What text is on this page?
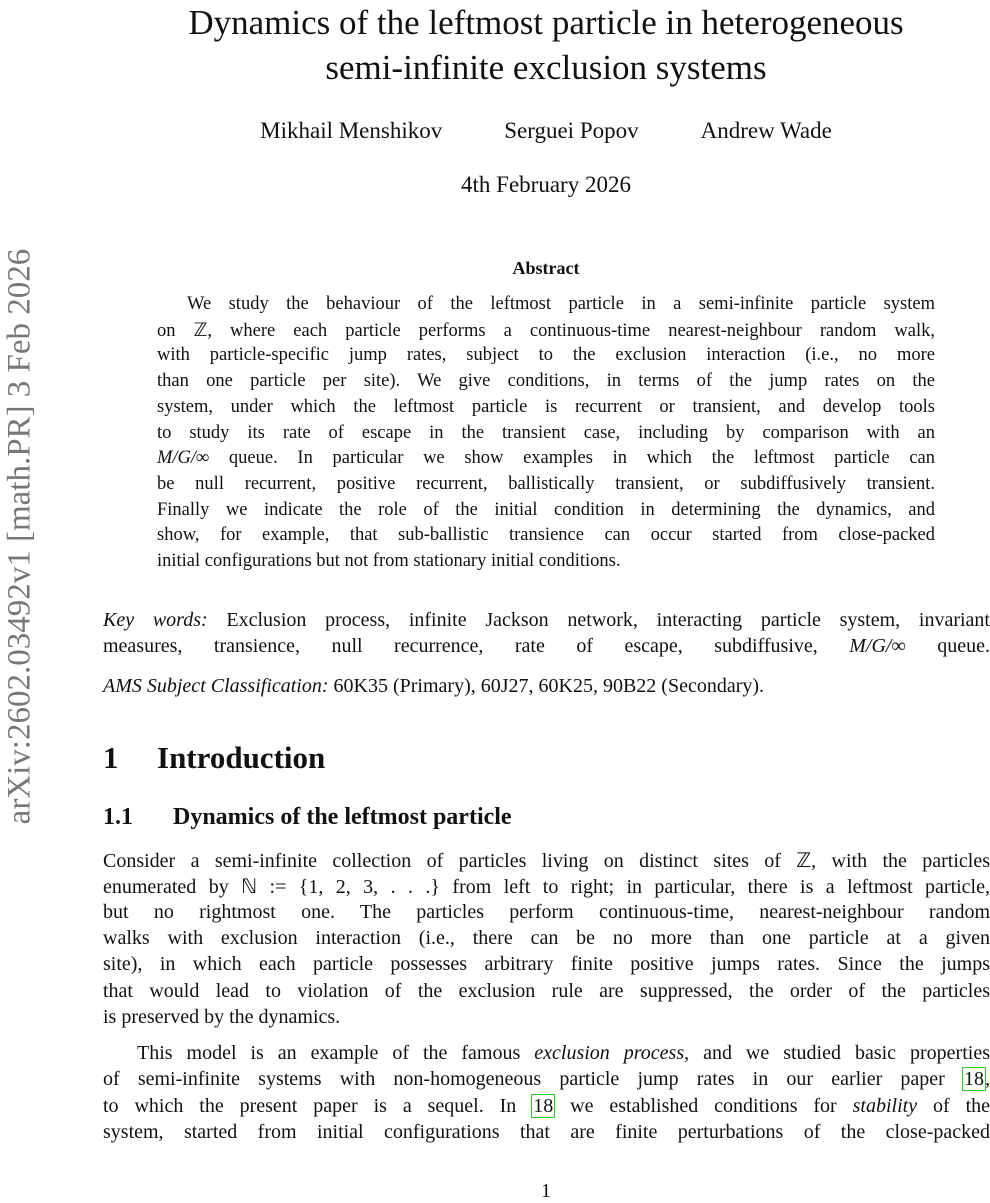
arXiv:2602.03492v1 [math.PR] 3 Feb 2026
Dynamics of the leftmost particle in heterogeneous
semi-infinite exclusion systems
Mikhail Menshikov	Serguei Popov	Andrew Wade
4th February 2026
Abstract
We study the behaviour of the leftmost particle in a semi-infinite particle system
on ℤ, where each particle performs a continuous-time nearest-neighbour random walk,
with particle-specific jump rates, subject to the exclusion interaction (i.e., no more
than one particle per site). We give conditions, in terms of the jump rates on the
system, under which the leftmost particle is recurrent or transient, and develop tools
to study its rate of escape in the transient case, including by comparison with an
M/G/∞ queue. In particular we show examples in which the leftmost particle can
be null recurrent, positive recurrent, ballistically transient, or subdiffusively transient.
Finally we indicate the role of the initial condition in determining the dynamics, and
show, for example, that sub-ballistic transience can occur started from close-packed
initial configurations but not from stationary initial conditions.
Key words: Exclusion process, infinite Jackson network, interacting particle system, invariant
measures, transience, null recurrence, rate of escape, subdiffusive, M/G/∞ queue.
AMS Subject Classification: 60K35 (Primary), 60J27, 60K25, 90B22 (Secondary).
1 Introduction
1.1 Dynamics of the leftmost particle
Consider a semi-infinite collection of particles living on distinct sites of ℤ, with the particles
enumerated by ℕ := {1, 2, 3, . . .} from left to right; in particular, there is a leftmost particle,
but no rightmost one. The particles perform continuous-time, nearest-neighbour random
walks with exclusion interaction (i.e., there can be no more than one particle at a given
site), in which each particle possesses arbitrary finite positive jumps rates. Since the jumps
that would lead to violation of the exclusion rule are suppressed, the order of the particles
is preserved by the dynamics.
This model is an example of the famous exclusion process, and we studied basic properties
of semi-infinite systems with non-homogeneous particle jump rates in our earlier paper 18,
to which the present paper is a sequel. In 18 we established conditions for stability of the
system, started from initial configurations that are finite perturbations of the close-packed
1
